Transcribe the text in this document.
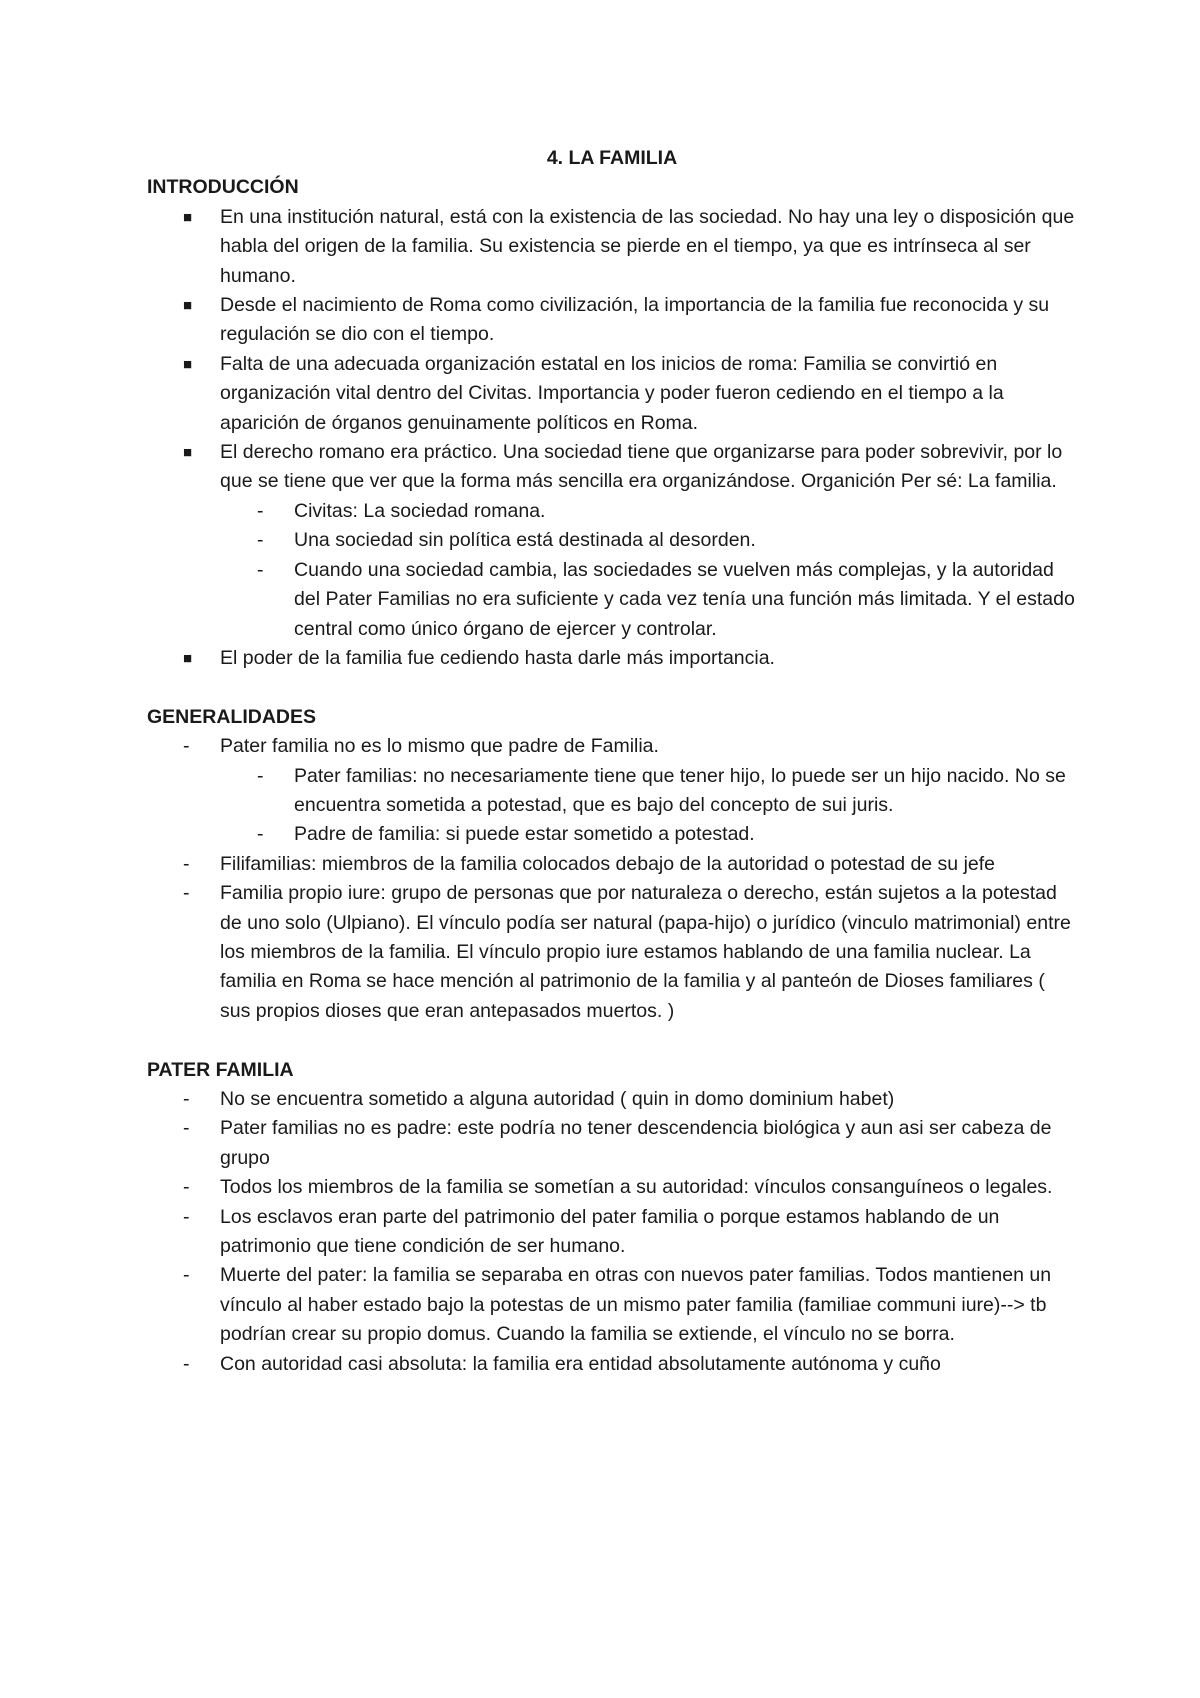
4. LA FAMILIA
INTRODUCCIÓN
■ En una institución natural, está con la existencia de las sociedad. No hay una ley o disposición que habla del origen de la familia. Su existencia se pierde en el tiempo, ya que es intrínseca al ser humano.
■ Desde el nacimiento de Roma como civilización, la importancia de la familia fue reconocida y su regulación se dio con el tiempo.
■ Falta de una adecuada organización estatal en los inicios de roma: Familia se convirtió en organización vital dentro del Civitas. Importancia y poder fueron cediendo en el tiempo a la aparición de órganos genuinamente políticos en Roma.
■ El derecho romano era práctico. Una sociedad tiene que organizarse para poder sobrevivir, por lo que se tiene que ver que la forma más sencilla era organizándose. Organición Per sé: La familia.
- Civitas: La sociedad romana.
- Una sociedad sin política está destinada al desorden.
- Cuando una sociedad cambia, las sociedades se vuelven más complejas, y la autoridad del Pater Familias no era suficiente y cada vez tenía una función más limitada. Y el estado central como único órgano de ejercer y controlar.
■ El poder de la familia fue cediendo hasta darle más importancia.
GENERALIDADES
- Pater familia no es lo mismo que padre de Familia.
- Pater familias: no necesariamente tiene que tener hijo, lo puede ser un hijo nacido. No se encuentra sometida a potestad, que es bajo del concepto de sui juris.
- Padre de familia: si puede estar sometido a potestad.
- Filifamilias: miembros de la familia colocados debajo de la autoridad o potestad de su jefe
- Familia propio iure: grupo de personas que por naturaleza o derecho, están sujetos a la potestad de uno solo (Ulpiano). El vínculo podía ser natural (papa-hijo) o jurídico (vinculo matrimonial) entre los miembros de la familia. El vínculo propio iure estamos hablando de una familia nuclear. La familia en Roma se hace mención al patrimonio de la familia y al panteón de Dioses familiares ( sus propios dioses que eran antepasados muertos. )
PATER FAMILIA
- No se encuentra sometido a alguna autoridad ( quin in domo dominium habet)
- Pater familias no es padre: este podría no tener descendencia biológica y aun asi ser cabeza de grupo
- Todos los miembros de la familia se sometían a su autoridad: vínculos consanguíneos o legales.
- Los esclavos eran parte del patrimonio del pater familia o porque estamos hablando de un patrimonio que tiene condición de ser humano.
- Muerte del pater: la familia se separaba en otras con nuevos pater familias. Todos mantienen un vínculo al haber estado bajo la potestas de un mismo pater familia (familiae communi iure)--> tb podrían crear su propio domus. Cuando la familia se extiende, el vínculo no se borra.
- Con autoridad casi absoluta: la familia era entidad absolutamente autónoma y cuño
